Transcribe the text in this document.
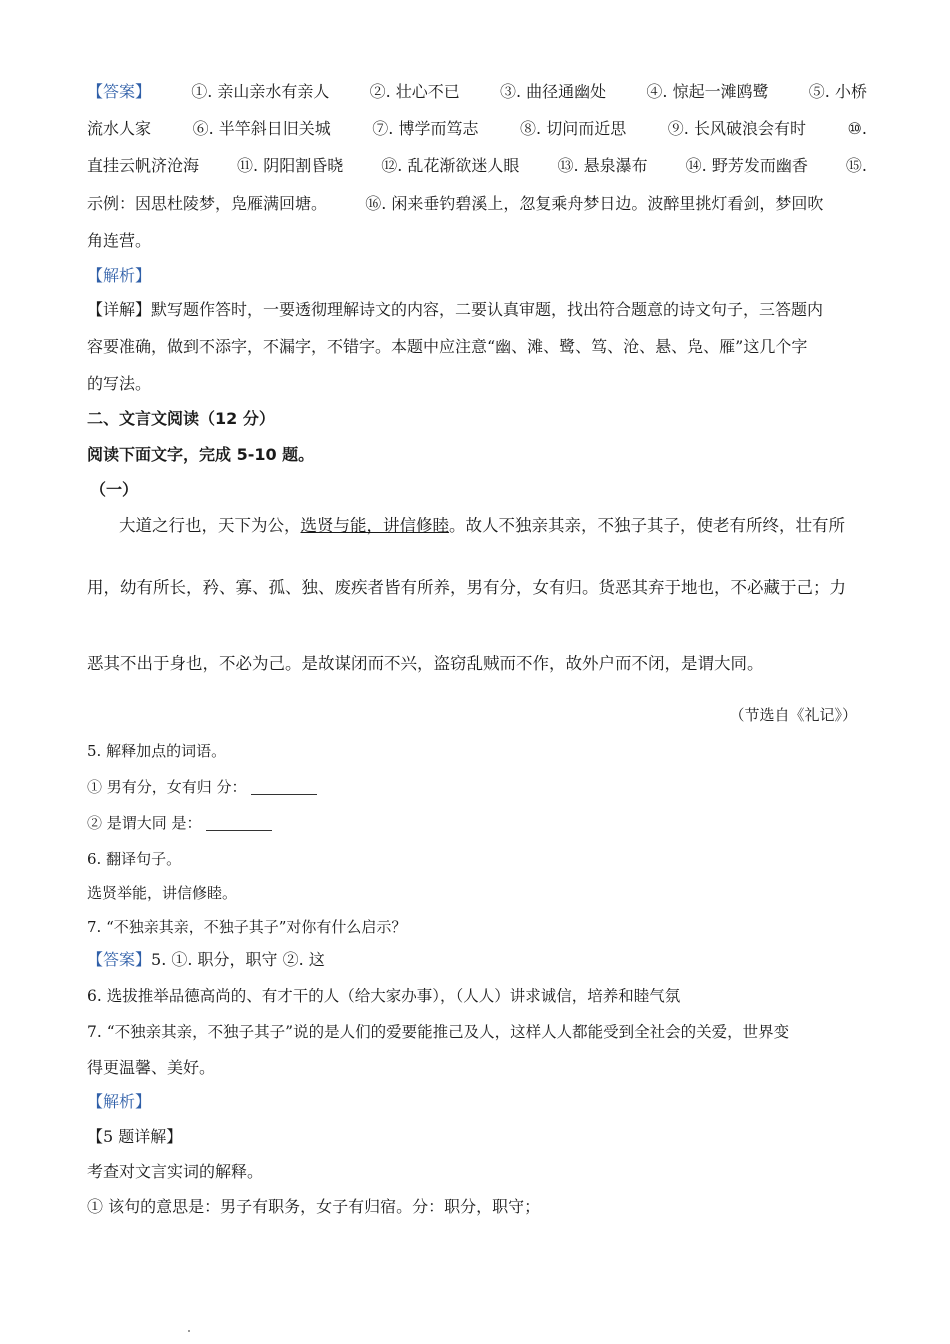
【答案】	①. 亲山亲水有亲人	②. 壮心不已	③. 曲径通幽处	④. 惊起一滩鸥鹭	⑤. 小桥
流水人家	⑥. 半竿斜日旧关城	⑦. 博学而笃志	⑧. 切问而近思	⑨. 长风破浪会有时	⑩.
直挂云帆济沧海 ⑪. 阴阳割昏晓 ⑫. 乱花渐欲迷人眼 ⑬. 悬泉瀑布 ⑭. 野芳发而幽香 ⑮.
示例：因思杜陵梦，凫雁满回塘。 ⑯. 闲来垂钓碧溪上，忽复乘舟梦日边。波醉里挑灯看剑，梦回吹
角连营。
【解析】
【详解】默写题作答时，一要透彻理解诗文的内容，二要认真审题，找出符合题意的诗文句子，三答题内
容要准确，做到不添字，不漏字，不错字。本题中应注意“幽、滩、鹭、笃、沧、悬、凫、雁”这几个字
的写法。
二、文言文阅读（12 分）
阅读下面文字，完成 5-10 题。
（一）
大道之行也，天下为公，选贤与能，讲信修睦。故人不独亲其亲，不独子其子，使老有所终，壮有所
用，幼有所长，矜、寡、孤、独、废疾者皆有所养，男有分，女有归。货恶其弃于地也，不必藏于己；力
恶其不出于身也，不必为己。是故谋闭而不兴，盗窃乱贼而不作，故外户而不闭，是谓大同。
（节选自《礼记》）
5. 解释加点的词语。
① 男有分，女有归 分：
② 是谓大同 是：
6. 翻译句子。
选贤举能，讲信修睦。
7. “不独亲其亲，不独子其子”对你有什么启示？
【答案】5. ①. 职分，职守 ②. 这
6. 选拔推举品德高尚的、有才干的人（给大家办事），（人人）讲求诚信，培养和睦气氛
7. “不独亲其亲，不独子其子”说的是人们的爱要能推己及人，这样人人都能受到全社会的关爱，世界变
得更温馨、美好。
【解析】
【5 题详解】
考查对文言实词的解释。
① 该句的意思是：男子有职务，女子有归宿。分：职分，职守；
